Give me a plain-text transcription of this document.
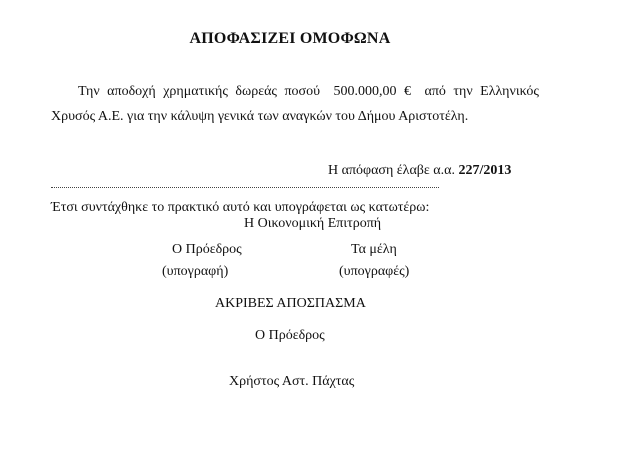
ΑΠΟΦΑΣΙΖΕΙ ΟΜΟΦΩΝΑ
Την αποδοχή χρηματικής δωρεάς ποσού 500.000,00 € από την Ελληνικός
Χρυσός Α.Ε. για την κάλυψη γενικά των αναγκών του Δήμου Αριστοτέλη.
Η απόφαση έλαβε α.α. 227/2013
Έτσι συντάχθηκε το πρακτικό αυτό και υπογράφεται ως κατωτέρω:
Η Οικονομική Επιτροπή
Ο Πρόεδρος	Τα μέλη
(υπογραφή)	(υπογραφές)
ΑΚΡΙΒΕΣ ΑΠΟΣΠΑΣΜΑ
Ο Πρόεδρος
Χρήστος Αστ. Πάχτας
